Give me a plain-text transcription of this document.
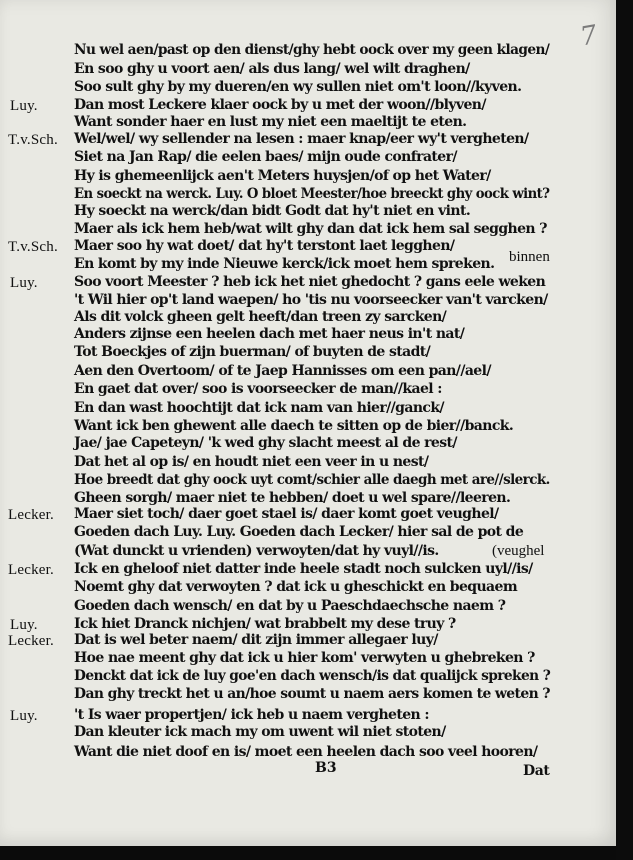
7
Nu wel aen/past op den dienst/ghy hebt oock over my geen klagen/
En soo ghy u voort aen/ als dus lang/ wel wilt draghen/
Soo sult ghy by my dueren/en wy sullen niet om't loon//kyven.
Luy.	Dan most Leckere klaer oock by u met der woon//blyven/
Want sonder haer en lust my niet een maeltijt te eten.
T.v.Sch.	Wel/wel/ wy sellender na lesen : maer knap/eer wy't vergheten/
Siet na Jan Rap/ die eelen baes/ mijn oude confrater/
Hy is ghemeenlijck aen't Meters huysjen/of op het Water/
En soeckt na werck. Luy. O bloet Meester/hoe breeckt ghy oock wint?
Hy soeckt na werck/dan bidt Godt dat hy't niet en vint.
Maer als ick hem heb/wat wilt ghy dan dat ick hem sal segghen ?
T.v.Sch.	Maer soo hy wat doet/ dat hy't terstont laet legghen/
En komt by my inde Nieuwe kerck/ick moet hem spreken.
Luy.	Soo voort Meester ? heb ick het niet ghedocht ? gans eele weken
't Wil hier op't land waepen/ ho 'tis nu voorseecker van't varcken/
Als dit volck gheen gelt heeft/dan treen zy sarcken/
Anders zijnse een heelen dach met haer neus in't nat/
Tot Boeckjes of zijn buerman/ of buyten de stadt/
Aen den Overtoom/ of te Jaep Hannisses om een pan//ael/
En gaet dat over/ soo is voorseecker de man//kael :
En dan wast hoochtijt dat ick nam van hier//ganck/
Want ick ben ghewent alle daech te sitten op de bier//banck.
Jae/ jae Capeteyn/ 'k wed ghy slacht meest al de rest/
Dat het al op is/ en houdt niet een veer in u nest/
Hoe breedt dat ghy oock uyt comt/schier alle daegh met are//slerck.
Gheen sorgh/ maer niet te hebben/ doet u wel spare//leeren.
Lecker.	Maer siet toch/ daer goet stael is/ daer komt goet veughel/
Goeden dach Luy. Luy. Goeden dach Lecker/ hier sal de pot de
(Wat dunckt u vrienden) verwoyten/dat hy vuyl//is.
Lecker.	Ick en gheloof niet datter inde heele stadt noch sulcken uyl//is/
Noemt ghy dat verwoyten ? dat ick u gheschickt en bequaem
Goeden dach wensch/ en dat by u Paeschdaechsche naem ?
Luy.	Ick hiet Dranck nichjen/ wat brabbelt my dese truy ?
Lecker.	Dat is wel beter naem/ dit zijn immer allegaer luy/
Hoe nae meent ghy dat ick u hier kom' verwyten u ghebreken ?
Denckt dat ick de luy goe'en dach wensch/is dat qualijck spreken ?
Dan ghy treckt het u an/hoe soumt u naem aers komen te weten ?
Luy.	't Is waer propertjen/ ick heb u naem vergheten :
Dan kleuter ick mach my om uwent wil niet stoten/
Want die niet doof en is/ moet een heelen dach soo veel hooren/
binnen
(veughel
B3	Dat
